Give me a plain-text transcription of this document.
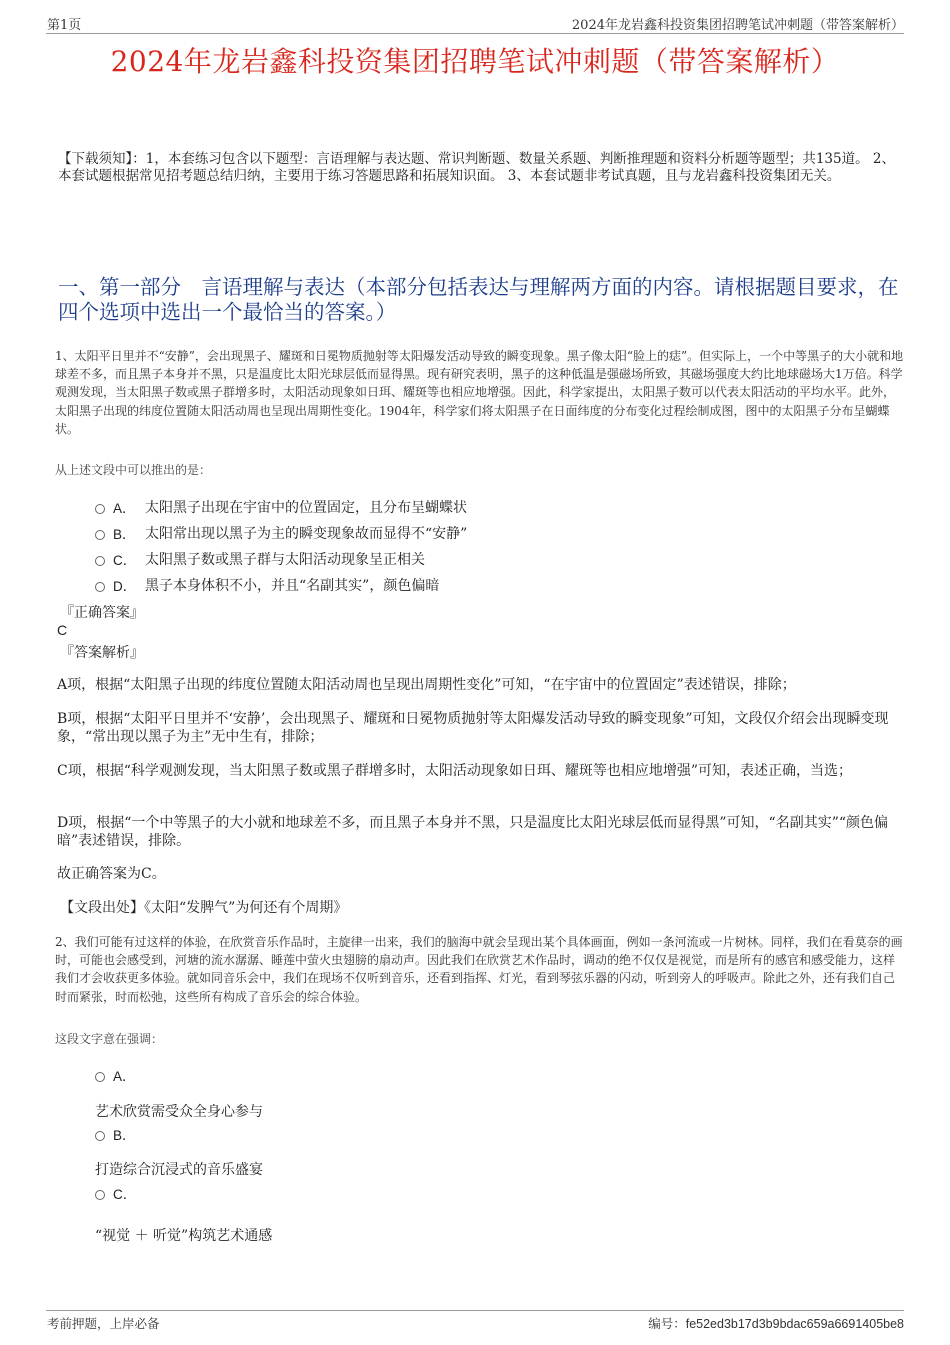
第1页	2024年龙岩鑫科投资集团招聘笔试冲刺题（带答案解析）
2024年龙岩鑫科投资集团招聘笔试冲刺题（带答案解析）
【下载须知】：1，本套练习包含以下题型：言语理解与表达题、常识判断题、数量关系题、判断推理题和资料分析题等题型；共135道。 2、本套试题根据常见招考题总结归纳，主要用于练习答题思路和拓展知识面。 3、本套试题非考试真题，且与龙岩鑫科投资集团无关。
一、第一部分　言语理解与表达（本部分包括表达与理解两方面的内容。请根据题目要求，在四个选项中选出一个最恰当的答案。）
1、太阳平日里并不“安静”，会出现黑子、耀斑和日冕物质抛射等太阳爆发活动导致的瞬变现象。黑子像太阳“脸上的痣”。但实际上，一个中等黑子的大小就和地球差不多，而且黑子本身并不黑，只是温度比太阳光球层低而显得黑。现有研究表明，黑子的这种低温是强磁场所致，其磁场强度大约比地球磁场大1万倍。科学观测发现，当太阳黑子数或黑子群增多时，太阳活动现象如日珥、耀斑等也相应地增强。因此，科学家提出，太阳黑子数可以代表太阳活动的平均水平。此外，太阳黑子出现的纬度位置随太阳活动周也呈现出周期性变化。1904年，科学家们将太阳黑子在日面纬度的分布变化过程绘制成图，图中的太阳黑子分布呈蝴蝶状。
从上述文段中可以推出的是：
A． 太阳黑子出现在宇宙中的位置固定，且分布呈蝴蝶状
B． 太阳常出现以黑子为主的瞬变现象故而显得不“安静”
C． 太阳黑子数或黑子群与太阳活动现象呈正相关
D． 黑子本身体积不小，并且“名副其实”，颜色偏暗
『正确答案』
C
『答案解析』
A项，根据“太阳黑子出现的纬度位置随太阳活动周也呈现出周期性变化”可知，“在宇宙中的位置固定”表述错误，排除；
B项，根据“太阳平日里并不‘安静’，会出现黑子、耀斑和日冕物质抛射等太阳爆发活动导致的瞬变现象”可知，文段仅介绍会出现瞬变现象，“常出现以黑子为主”无中生有，排除；
C项，根据“科学观测发现，当太阳黑子数或黑子群增多时，太阳活动现象如日珥、耀斑等也相应地增强”可知，表述正确，当选；
D项，根据“一个中等黑子的大小就和地球差不多，而且黑子本身并不黑，只是温度比太阳光球层低而显得黑”可知，“名副其实”“颜色偏暗”表述错误，排除。
故正确答案为C。
【文段出处】《太阳“发脾气”为何还有个周期》
2、我们可能有过这样的体验，在欣赏音乐作品时，主旋律一出来，我们的脑海中就会呈现出某个具体画面，例如一条河流或一片树林。同样，我们在看莫奈的画时，可能也会感受到，河塘的流水潺潺、睡莲中萤火虫翅膀的扇动声。因此我们在欣赏艺术作品时，调动的绝不仅仅是视觉，而是所有的感官和感受能力，这样我们才会收获更多体验。就如同音乐会中，我们在现场不仅听到音乐，还看到指挥、灯光，看到琴弦乐器的闪动，听到旁人的呼吸声。除此之外，还有我们自己时而紧张，时而松弛，这些所有构成了音乐会的综合体验。
这段文字意在强调：
A．
艺术欣赏需受众全身心参与
B．
打造综合沉浸式的音乐盛宴
C．
“视觉 ＋ 听觉”构筑艺术通感
考前押题，上岸必备	编号：fe52ed3b17d3b9bdac659a6691405be8
